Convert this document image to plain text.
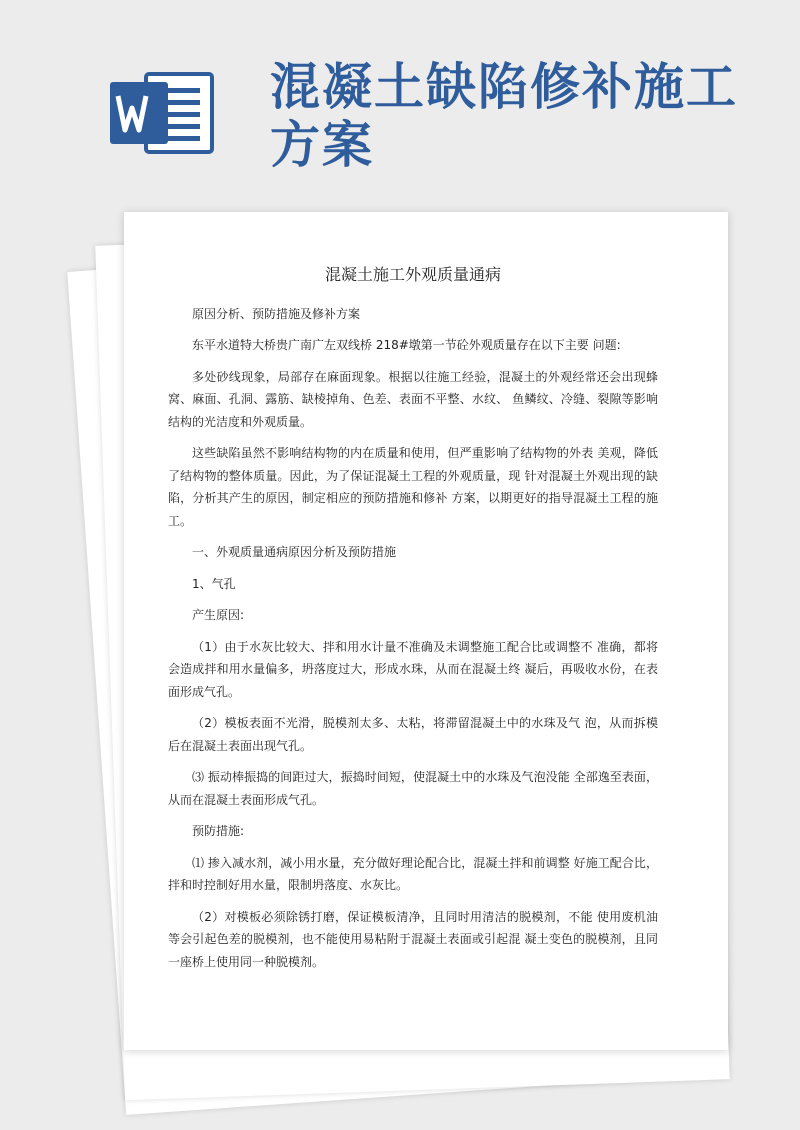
混凝土缺陷修补施工方案
混凝土施工外观质量通病

原因分析、预防措施及修补方案

东平水道特大桥贵广南广左双线桥 218#墩第一节砼外观质量存在以下主要 问题:

多处砂线现象，局部存在麻面现象。根据以往施工经验，混凝土的外观经常还会出现蜂窝、麻面、孔洞、露筋、缺棱掉角、色差、表面不平整、水纹、 鱼鳞纹、冷缝、裂隙等影响结构的光洁度和外观质量。

这些缺陷虽然不影响结构物的内在质量和使用，但严重影响了结构物的外表 美观，降低了结构物的整体质量。因此，为了保证混凝土工程的外观质量，现 针对混凝土外观出现的缺陷，分析其产生的原因，制定相应的预防措施和修补 方案，以期更好的指导混凝土工程的施工。

一、外观质量通病原因分析及预防措施

1、气孔

产生原因:

（1）由于水灰比较大、拌和用水计量不准确及未调整施工配合比或调整不 准确，都将会造成拌和用水量偏多，坍落度过大，形成水珠，从而在混凝土终 凝后，再吸收水份，在表面形成气孔。

（2）模板表面不光滑，脱模剂太多、太粘，将滞留混凝土中的水珠及气 泡，从而拆模后在混凝土表面出现气孔。

⑶ 振动棒振捣的间距过大，振捣时间短，使混凝土中的水珠及气泡没能 全部逸至表面，从而在混凝土表面形成气孔。

预防措施:

⑴ 掺入减水剂，减小用水量，充分做好理论配合比，混凝土拌和前调整 好施工配合比，拌和时控制好用水量，限制坍落度、水灰比。

（2）对模板必须除锈打磨，保证模板清净，且同时用清洁的脱模剂，不能 使用废机油等会引起色差的脱模剂，也不能使用易粘附于混凝土表面或引起混 凝土变色的脱模剂，且同一座桥上使用同一种脱模剂。
